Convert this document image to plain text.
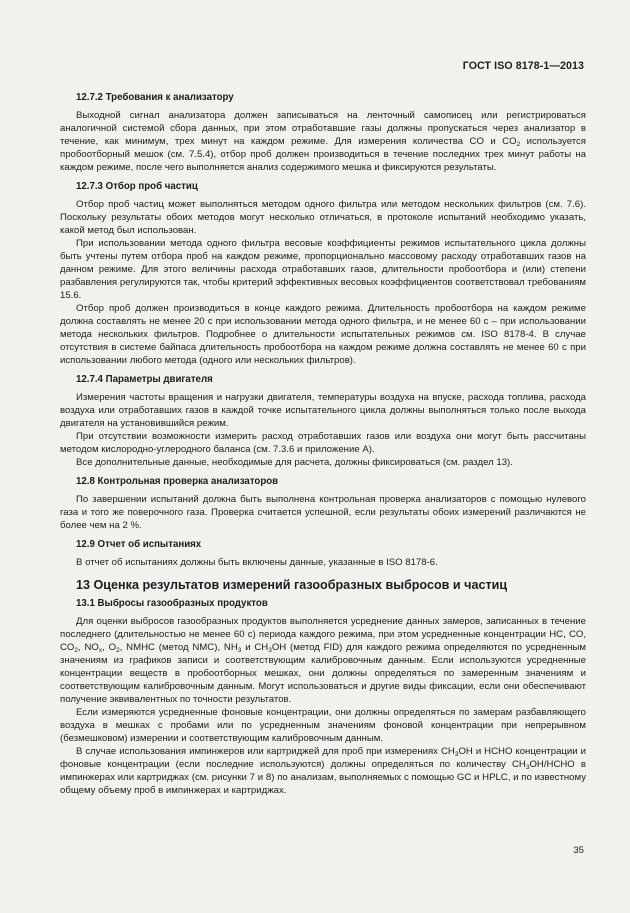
ГОСТ ISO 8178-1—2013
12.7.2 Требования к анализатору

Выходной сигнал анализатора должен записываться на ленточный самописец или регистрироваться аналогичной системой сбора данных, при этом отработавшие газы должны пропускаться через анализатор в течение, как минимум, трех минут на каждом режиме. Для измерения количества CO и $CO_2$ используется пробоотборный мешок (см. 7.5.4), отбор проб должен производиться в течение последних трех минут работы на каждом режиме, после чего выполняется анализ содержимого мешка и фиксируются результаты.

12.7.3 Отбор проб частиц

Отбор проб частиц может выполняться методом одного фильтра или методом нескольких фильтров (см. 7.6). Поскольку результаты обоих методов могут несколько отличаться, в протоколе испытаний необходимо указать, какой метод был использован.

При использовании метода одного фильтра весовые коэффициенты режимов испытательного цикла должны быть учтены путем отбора проб на каждом режиме, пропорционально массовому расходу отработавших газов на данном режиме. Для этого величины расхода отработавших газов, длительности пробоотбора и (или) степени разбавления регулируются так, чтобы критерий эффективных весовых коэффициентов соответствовал требованиям 15.6.

Отбор проб должен производиться в конце каждого режима. Длительность пробоотбора на каждом режиме должна составлять не менее 20 с при использовании метода одного фильтра, и не менее 60 с – при использовании метода нескольких фильтров. Подробнее о длительности испытательных режимов см. ISO 8178-4. В случае отсутствия в системе байпаса длительность пробоотбора на каждом режиме должна составлять не менее 60 с при использовании любого метода (одного или нескольких фильтров).

12.7.4 Параметры двигателя

Измерения частоты вращения и нагрузки двигателя, температуры воздуха на впуске, расхода топлива, расхода воздуха или отработавших газов в каждой точке испытательного цикла должны выполняться только после выхода двигателя на установившийся режим.

При отсутствии возможности измерить расход отработавших газов или воздуха они могут быть рассчитаны методом кислородно-углеродного баланса (см. 7.3.6 и приложение А).

Все дополнительные данные, необходимые для расчета, должны фиксироваться (см. раздел 13).

12.8 Контрольная проверка анализаторов

По завершении испытаний должна быть выполнена контрольная проверка анализаторов с помощью нулевого газа и того же поверочного газа. Проверка считается успешной, если результаты обоих измерений различаются не более чем на 2 %.

12.9 Отчет об испытаниях

В отчет об испытаниях должны быть включены данные, указанные в ISO 8178-6.

13 Оценка результатов измерений газообразных выбросов и частиц
13.1 Выбросы газообразных продуктов

Для оценки выбросов газообразных продуктов выполняется усреднение данных замеров, записанных в течение последнего (длительностью не менее 60 с) периода каждого режима, при этом усредненные концентрации HC, CO, $CO_2$, $NO_x$, $O_2$, NMHC (метод NMC), $NH_3$ и $CH_3OH$ (метод FID) для каждого режима определяются по усредненным значениям из графиков записи и соответствующим калибровочным данным. Если используются усредненные концентрации веществ в пробоотборных мешках, они должны определяться по замеренным значениям и соответствующим калибровочным данным. Могут использоваться и другие виды фиксации, если они обеспечивают получение эквивалентных по точности результатов.

Если измеряются усредненные фоновые концентрации, они должны определяться по замерам разбавляющего воздуха в мешках с пробами или по усредненным значениям фоновой концентрации при непрерывном (безмешковом) измерении и соответствующим калибровочным данным.

В случае использования импинжеров или картриджей для проб при измерениях $CH_3OH$ и HCHO концентрации и фоновые концентрации (если последние используются) должны определяться по количеству $CH_3OH$/HCHO в импинжерах или картриджах (см. рисунки 7 и 8) по анализам, выполняемых с помощью GC и HPLC, и по известному общему объему проб в импинжерах и картриджах.

35
